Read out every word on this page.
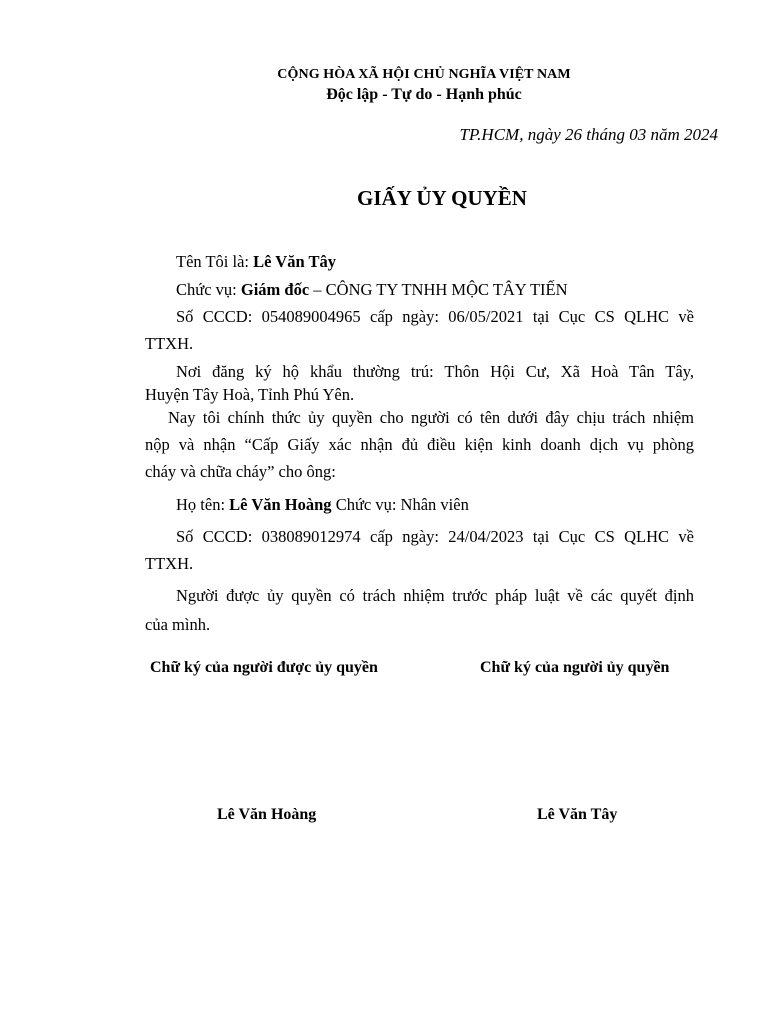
CỘNG HÒA XÃ HỘI CHỦ NGHĨA VIỆT NAM
Độc lập - Tự do - Hạnh phúc
TP.HCM, ngày 26 tháng 03 năm 2024
GIẤY ỦY QUYỀN
Tên Tôi là: Lê Văn Tây
Chức vụ: Giám đốc – CÔNG TY TNHH MỘC TÂY TIẾN
Số CCCD: 054089004965 cấp ngày: 06/05/2021 tại Cục CS QLHC về
TTXH.
Nơi đăng ký hộ khẩu thường trú: Thôn Hội Cư, Xã Hoà Tân Tây,
Huyện Tây Hoà, Tỉnh Phú Yên.
Nay tôi chính thức ủy quyền cho người có tên dưới đây chịu trách nhiệm
nộp và nhận “Cấp Giấy xác nhận đủ điều kiện kinh doanh dịch vụ phòng
cháy và chữa cháy” cho ông:
Họ tên: Lê Văn Hoàng Chức vụ: Nhân viên
Số CCCD: 038089012974 cấp ngày: 24/04/2023 tại Cục CS QLHC về
TTXH.
Người được ủy quyền có trách nhiệm trước pháp luật về các quyết định
của mình.
Chữ ký của người được ủy quyền	Chữ ký của người ủy quyền
Lê Văn Hoàng	Lê Văn Tây
